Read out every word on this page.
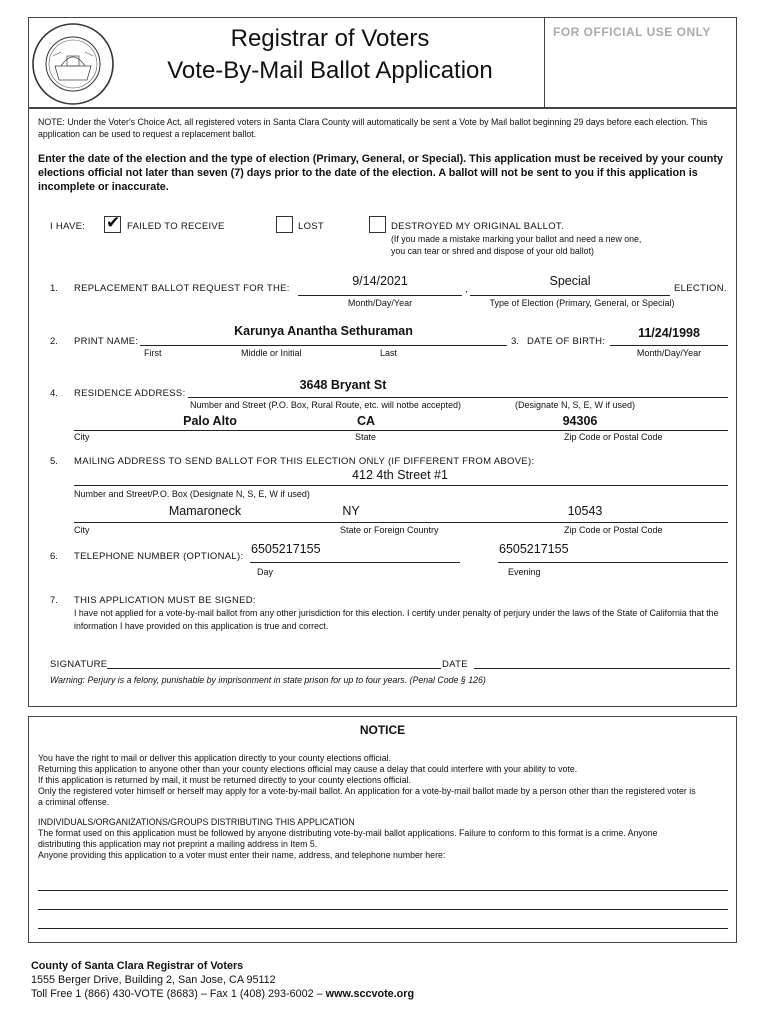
Registrar of Voters
Vote-By-Mail Ballot Application
FOR OFFICIAL USE ONLY
NOTE: Under the Voter's Choice Act, all registered voters in Santa Clara County will automatically be sent a Vote by Mail ballot beginning 29 days before each election. This application can be used to request a replacement ballot.
Enter the date of the election and the type of election (Primary, General, or Special). This application must be received by your county elections official not later than seven (7) days prior to the date of the election. A ballot will not be sent to you if this application is incomplete or inaccurate.
I HAVE: ✔ FAILED TO RECEIVE	LOST	DESTROYED MY ORIGINAL BALLOT.
(If you made a mistake marking your ballot and need a new one,
you can tear or shred and dispose of your old ballot)
1. REPLACEMENT BALLOT REQUEST FOR THE:
9/14/2021
,
Special
ELECTION.
Month/Day/Year	Type of Election (Primary, General, or Special)
2. PRINT NAME:
Karunya Anantha Sethuraman
First	Middle or Initial	Last
3. DATE OF BIRTH:
11/24/1998
Month/Day/Year
4. RESIDENCE ADDRESS:
3648 Bryant St
Number and Street (P.O. Box, Rural Route, etc. will notbe accepted)	(Designate N, S, E, W if used)
Palo Alto	CA	94306
City	State	Zip Code or Postal Code
5. MAILING ADDRESS TO SEND BALLOT FOR THIS ELECTION ONLY (IF DIFFERENT FROM ABOVE):
412 4th Street #1
Number and Street/P.O. Box (Designate N, S, E, W if used)
Mamaroneck	NY	10543
City	State or Foreign Country	Zip Code or Postal Code
6. TELEPHONE NUMBER (OPTIONAL):
6505217155
Day
6505217155
Evening
7. THIS APPLICATION MUST BE SIGNED:
I have not applied for a vote-by-mail ballot from any other jurisdiction for this election. I certify under penalty of perjury under the laws of the State of California that the information I have provided on this application is true and correct.
SIGNATURE	DATE
Warning: Perjury is a felony, punishable by imprisonment in state prison for up to four years. (Penal Code § 126)
NOTICE
You have the right to mail or deliver this application directly to your county elections official.
Returning this application to anyone other than your county elections official may cause a delay that could interfere with your ability to vote.
If this application is returned by mail, it must be returned directly to your county elections official.
Only the registered voter himself or herself may apply for a vote-by-mail ballot. An application for a vote-by-mail ballot made by a person other than the registered voter is a criminal offense.
INDIVIDUALS/ORGANIZATIONS/GROUPS DISTRIBUTING THIS APPLICATION
The format used on this application must be followed by anyone distributing vote-by-mail ballot applications. Failure to conform to this format is a crime. Anyone distributing this application may not preprint a mailing address in Item 5.
Anyone providing this application to a voter must enter their name, address, and telephone number here:
County of Santa Clara Registrar of Voters
1555 Berger Drive, Building 2, San Jose, CA 95112
Toll Free 1 (866) 430-VOTE (8683) – Fax 1 (408) 293-6002 – www.sccvote.org
